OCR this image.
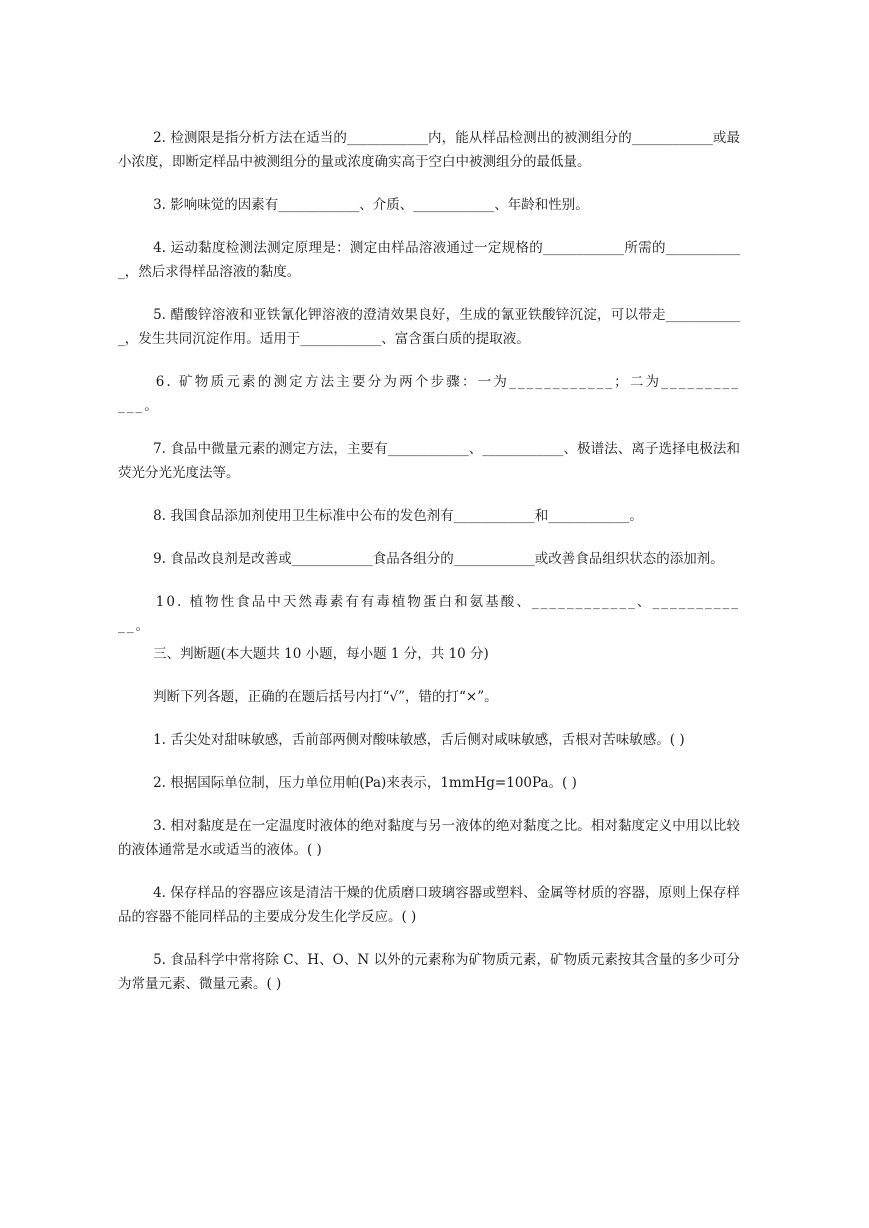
2. 检测限是指分析方法在适当的____________内，能从样品检测出的被测组分的____________或最小浓度，即断定样品中被测组分的量或浓度确实高于空白中被测组分的最低量。

3. 影响味觉的因素有____________、介质、____________、年龄和性别。

4. 运动黏度检测法测定原理是：测定由样品溶液通过一定规格的____________所需的____________，然后求得样品溶液的黏度。

5. 醋酸锌溶液和亚铁氰化钾溶液的澄清效果良好，生成的氰亚铁酸锌沉淀，可以带走____________，发生共同沉淀作用。适用于____________、富含蛋白质的提取液。

6. 矿物质元素的测定方法主要分为两个步骤：一为____________；二为____________。

7. 食品中微量元素的测定方法，主要有____________、____________、极谱法、离子选择电极法和荧光分光光度法等。

8. 我国食品添加剂使用卫生标准中公布的发色剂有____________和____________。

9. 食品改良剂是改善或____________食品各组分的____________或改善食品组织状态的添加剂。

10. 植物性食品中天然毒素有有毒植物蛋白和氨基酸、____________、____________。

三、判断题(本大题共 10 小题，每小题 1 分，共 10 分)

判断下列各题，正确的在题后括号内打“√”，错的打“×”。

1. 舌尖处对甜味敏感，舌前部两侧对酸味敏感，舌后侧对咸味敏感，舌根对苦味敏感。( )

2. 根据国际单位制，压力单位用帕(Pa)来表示，1mmHg=100Pa。( )

3. 相对黏度是在一定温度时液体的绝对黏度与另一液体的绝对黏度之比。相对黏度定义中用以比较的液体通常是水或适当的液体。( )

4. 保存样品的容器应该是清洁干燥的优质磨口玻璃容器或塑料、金属等材质的容器，原则上保存样品的容器不能同样品的主要成分发生化学反应。( )

5. 食品科学中常将除 C、H、O、N 以外的元素称为矿物质元素，矿物质元素按其含量的多少可分为常量元素、微量元素。( )
